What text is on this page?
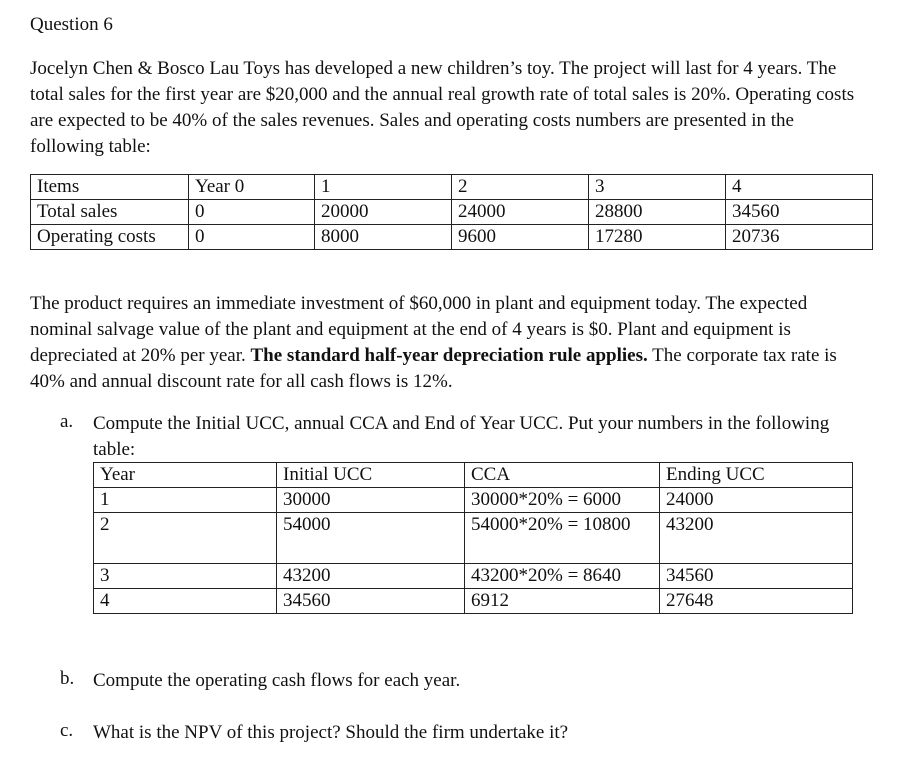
Question 6

Jocelyn Chen & Bosco Lau Toys has developed a new children’s toy. The project will last for 4 years. The total sales for the first year are $20,000 and the annual real growth rate of total sales is 20%. Operating costs are expected to be 40% of the sales revenues. Sales and operating costs numbers are presented in the following table:

Items	Year 0	1	2	3	4
Total sales	0	20000	24000	28800	34560
Operating costs	0	8000	9600	17280	20736

The product requires an immediate investment of $60,000 in plant and equipment today. The expected nominal salvage value of the plant and equipment at the end of 4 years is $0. Plant and equipment is depreciated at 20% per year. The standard half-year depreciation rule applies. The corporate tax rate is 40% and annual discount rate for all cash flows is 12%.

a. Compute the Initial UCC, annual CCA and End of Year UCC. Put your numbers in the following table:
Year	Initial UCC	CCA	Ending UCC
1	30000	30000*20% = 6000	24000
2	54000	54000*20% = 10800	43200
3	43200	43200*20% = 8640	34560
4	34560	6912	27648
b. Compute the operating cash flows for each year.
c. What is the NPV of this project? Should the firm undertake it?
